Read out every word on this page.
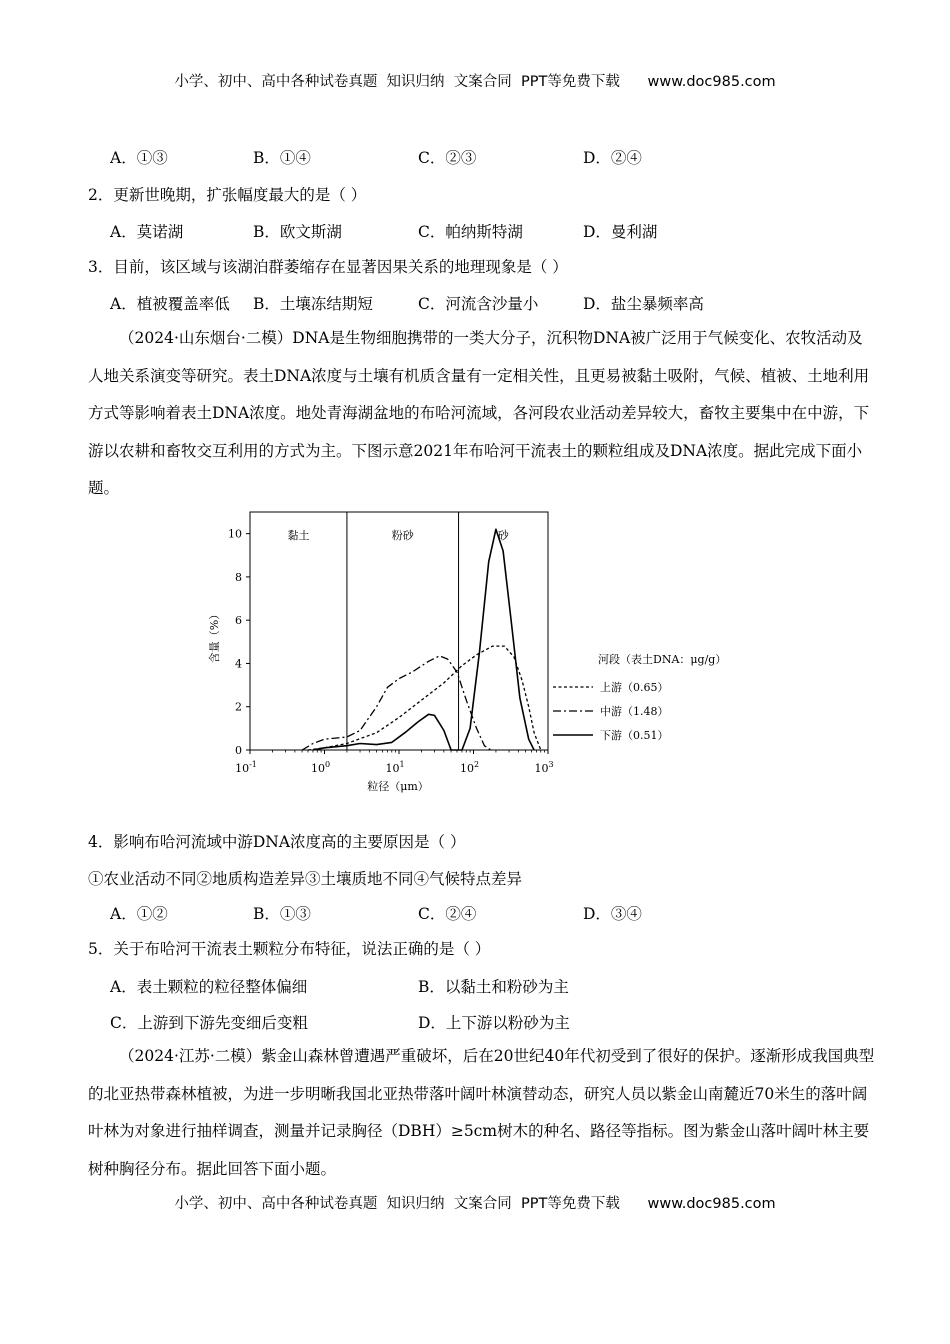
小学、初中、高中各种试卷真题  知识归纳  文案合同  PPT等免费下载      www.doc985.com
A．①③	B．①④	C．②③	D．②④
2．更新世晚期，扩张幅度最大的是（ ）
A．莫诺湖	B．欧文斯湖	C．帕纳斯特湖	D．曼利湖
3．目前，该区域与该湖泊群萎缩存在显著因果关系的地理现象是（ ）
A．植被覆盖率低 B．土壤冻结期短	C．河流含沙量小	D．盐尘暴频率高
（2024·山东烟台·二模）DNA是生物细胞携带的一类大分子，沉积物DNA被广泛用于气候变化、农牧活动及人地关系演变等研究。表土DNA浓度与土壤有机质含量有一定相关性，且更易被黏土吸附，气候、植被、土地利用方式等影响着表土DNA浓度。地处青海湖盆地的布哈河流域，各河段农业活动差异较大，畜牧主要集中在中游，下游以农耕和畜牧交互利用的方式为主。下图示意2021年布哈河干流表土的颗粒组成及DNA浓度。据此完成下面小题。
含量（%）
粒径（μm）
河段（表土DNA：μg/g）
0
2
4
6
8
10
$10^{-1}$	$10^0$	$10^1$	$10^2$	$10^3$
黏土	粉砂	砂
上游（0.65）
中游（1.48）
下游（0.51）
4．影响布哈河流域中游DNA浓度高的主要原因是（ ）
①农业活动不同②地质构造差异③土壤质地不同④气候特点差异
A．①②	B．①③	C．②④	D．③④
5．关于布哈河干流表土颗粒分布特征，说法正确的是（ ）
A．表土颗粒的粒径整体偏细	B．以黏土和粉砂为主
C．上游到下游先变细后变粗	D．上下游以粉砂为主
（2024·江苏·二模）紫金山森林曾遭遇严重破坏，后在20世纪40年代初受到了很好的保护。逐渐形成我国典型的北亚热带森林植被，为进一步明晰我国北亚热带落叶阔叶林演替动态，研究人员以紫金山南麓近70米生的落叶阔叶林为对象进行抽样调查，测量并记录胸径（DBH）≥5cm树木的种名、路径等指标。图为紫金山落叶阔叶林主要树种胸径分布。据此回答下面小题。
小学、初中、高中各种试卷真题  知识归纳  文案合同  PPT等免费下载      www.doc985.com
